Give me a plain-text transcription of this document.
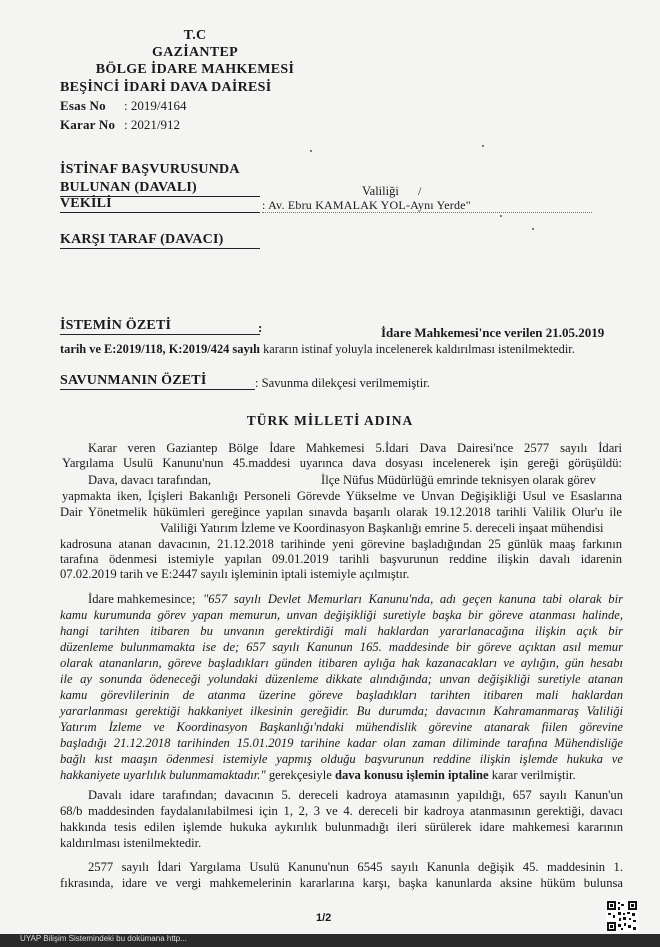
T.C
GAZİANTEP
BÖLGE İDARE MAHKEMESİ
BEŞİNCİ İDARİ DAVA DAİRESİ
Esas No : 2019/4164
Karar No : 2021/912
İSTİNAF BAŞVURUSUNDA
BULUNAN (DAVALI)	Valiliği /
VEKİLİ	: Av. Ebru KAMALAK YOL-Aynı Yerde"
KARŞI TARAF (DAVACI)
İSTEMİN ÖZETİ	:	İdare Mahkemesi'nce verilen 21.05.2019
tarih ve E:2019/118, K:2019/424 sayılı kararın istinaf yoluyla incelenerek kaldırılması istenilmektedir.
SAVUNMANIN ÖZETİ	: Savunma dilekçesi verilmemiştir.
TÜRK MİLLETİ ADINA
Karar veren Gaziantep Bölge İdare Mahkemesi 5.İdari Dava Dairesi'nce 2577 sayılı İdari
Yargılama Usulü Kanunu'nun 45.maddesi uyarınca dava dosyası incelenerek işin gereği görüşüldü:
Dava, davacı tarafından,	İlçe Nüfus Müdürlüğü emrinde teknisyen olarak görev
yapmakta iken, İçişleri Bakanlığı Personeli Görevde Yükselme ve Unvan Değişikliği Usul ve Esaslarına
Dair Yönetmelik hükümleri gereğince yapılan sınavda başarılı olarak 19.12.2018 tarihli Valilik Olur'u ile
Valiliği Yatırım İzleme ve Koordinasyon Başkanlığı emrine 5. dereceli inşaat mühendisi
kadrosuna atanan davacının, 21.12.2018 tarihinde yeni görevine başladığından 25 günlük maaş farkının
tarafına ödenmesi istemiyle yapılan 09.01.2019 tarihli başvurunun reddine ilişkin davalı idarenin
07.02.2019 tarih ve E:2447 sayılı işleminin iptali istemiyle açılmıştır.
İdare mahkemesince; "657 sayılı Devlet Memurları Kanunu'nda, adı geçen kanuna tabi olarak bir
kamu kurumunda görev yapan memurun, unvan değişikliği suretiyle başka bir göreve atanması halinde,
hangi tarihten itibaren bu unvanın gerektirdiği mali haklardan yararlanacağına ilişkin açık bir
düzenleme bulunmamakta ise de; 657 sayılı Kanunun 165. maddesinde bir göreve açıktan asıl memur
olarak atananların, göreve başladıkları günden itibaren aylığa hak kazanacakları ve aylığın, gün hesabı
ile ay sonunda ödeneceği yolundaki düzenleme dikkate alındığında; unvan değişikliği suretiyle atanan
kamu görevlilerinin de atanma üzerine göreve başladıkları tarihten itibaren mali haklardan
yararlanması gerektiği hakkaniyet ilkesinin gereğidir. Bu durumda; davacının Kahramanmaraş Valiliği
Yatırım İzleme ve Koordinasyon Başkanlığı'ndaki mühendislik görevine atanarak fiilen görevine
başladığı 21.12.2018 tarihinden 15.01.2019 tarihine kadar olan zaman diliminde tarafına Mühendisliğe
bağlı kıst maaşın ödenmesi istemiyle yapmış olduğu başvurunun reddine ilişkin işlemde hukuka ve
hakkaniyete uyarlılık bulunmamaktadır." gerekçesiyle dava konusu işlemin iptaline karar verilmiştir.
Davalı idare tarafından; davacının 5. dereceli kadroya atamasının yapıldığı, 657 sayılı Kanun'un
68/b maddesinden faydalanılabilmesi için 1, 2, 3 ve 4. dereceli bir kadroya atanmasının gerektiği, davacı
hakkında tesis edilen işlemde hukuka aykırılık bulunmadığı ileri sürülerek idare mahkemesi kararının
kaldırılması istenilmektedir.
2577 sayılı İdari Yargılama Usulü Kanunu'nun 6545 sayılı Kanunla değişik 45. maddesinin 1.
fıkrasında, idare ve vergi mahkemelerinin kararlarına karşı, başka kanunlarda aksine hüküm bulunsa
1/2
UYAP Bilişim Sistemindeki bu dokümana http...
